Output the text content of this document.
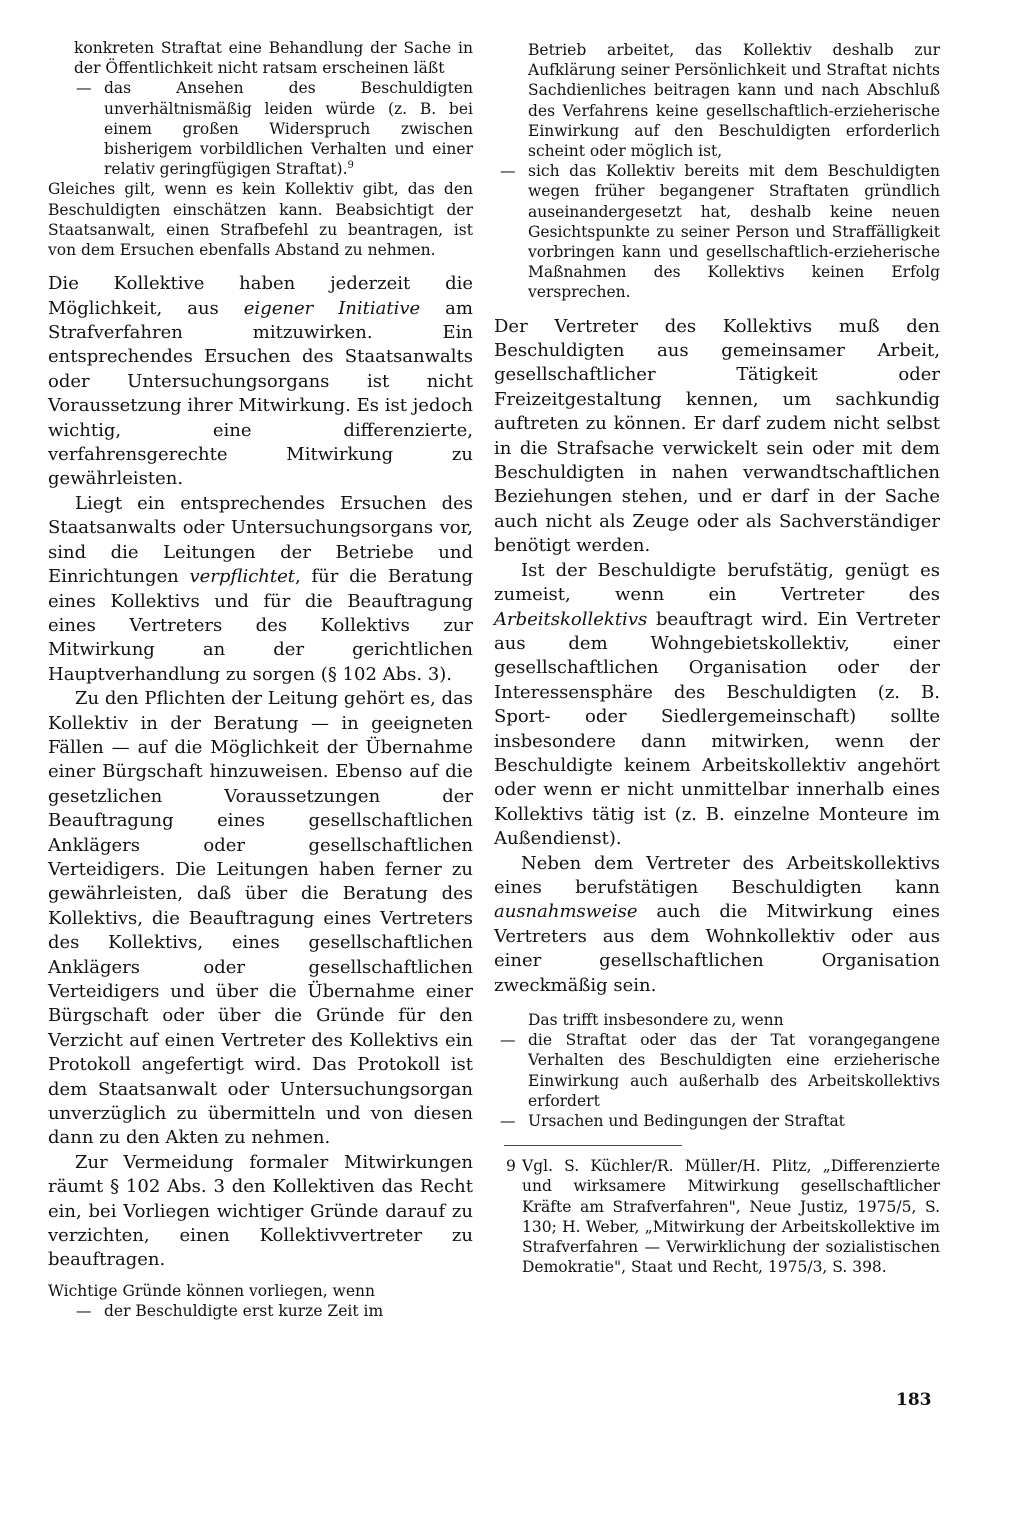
konkreten Straftat eine Behandlung der Sache in der Öffentlichkeit nicht ratsam erscheinen läßt

— das Ansehen des Beschuldigten unverhältnismäßig leiden würde (z. B. bei einem großen Widerspruch zwischen bisherigem vorbildlichen Verhalten und einer relativ geringfügigen Straftat).$^9$

Gleiches gilt, wenn es kein Kollektiv gibt, das den Beschuldigten einschätzen kann. Beabsichtigt der Staatsanwalt, einen Strafbefehl zu beantragen, ist von dem Ersuchen ebenfalls Abstand zu nehmen.

Die Kollektive haben jederzeit die Möglichkeit, aus eigener Initiative am Strafverfahren mitzuwirken. Ein entsprechendes Ersuchen des Staatsanwalts oder Untersuchungsorgans ist nicht Voraussetzung ihrer Mitwirkung. Es ist jedoch wichtig, eine differenzierte, verfahrensgerechte Mitwirkung zu gewährleisten.

Liegt ein entsprechendes Ersuchen des Staatsanwalts oder Untersuchungsorgans vor, sind die Leitungen der Betriebe und Einrichtungen verpflichtet, für die Beratung eines Kollektivs und für die Beauftragung eines Vertreters des Kollektivs zur Mitwirkung an der gerichtlichen Hauptverhandlung zu sorgen (§ 102 Abs. 3).

Zu den Pflichten der Leitung gehört es, das Kollektiv in der Beratung — in geeigneten Fällen — auf die Möglichkeit der Übernahme einer Bürgschaft hinzuweisen. Ebenso auf die gesetzlichen Voraussetzungen der Beauftragung eines gesellschaftlichen Anklägers oder gesellschaftlichen Verteidigers. Die Leitungen haben ferner zu gewährleisten, daß über die Beratung des Kollektivs, die Beauftragung eines Vertreters des Kollektivs, eines gesellschaftlichen Anklägers oder gesellschaftlichen Verteidigers und über die Übernahme einer Bürgschaft oder über die Gründe für den Verzicht auf einen Vertreter des Kollektivs ein Protokoll angefertigt wird. Das Protokoll ist dem Staatsanwalt oder Untersuchungsorgan unverzüglich zu übermitteln und von diesen dann zu den Akten zu nehmen.

Zur Vermeidung formaler Mitwirkungen räumt § 102 Abs. 3 den Kollektiven das Recht ein, bei Vorliegen wichtiger Gründe darauf zu verzichten, einen Kollektivvertreter zu beauftragen.

Wichtige Gründe können vorliegen, wenn

— der Beschuldigte erst kurze Zeit im

Betrieb arbeitet, das Kollektiv deshalb zur Aufklärung seiner Persönlichkeit und Straftat nichts Sachdienliches beitragen kann und nach Abschluß des Verfahrens keine gesellschaftlich-erzieherische Einwirkung auf den Beschuldigten erforderlich scheint oder möglich ist,

— sich das Kollektiv bereits mit dem Beschuldigten wegen früher begangener Straftaten gründlich auseinandergesetzt hat, deshalb keine neuen Gesichtspunkte zu seiner Person und Straffälligkeit vorbringen kann und gesellschaftlich-erzieherische Maßnahmen des Kollektivs keinen Erfolg versprechen.

Der Vertreter des Kollektivs muß den Beschuldigten aus gemeinsamer Arbeit, gesellschaftlicher Tätigkeit oder Freizeitgestaltung kennen, um sachkundig auftreten zu können. Er darf zudem nicht selbst in die Strafsache verwickelt sein oder mit dem Beschuldigten in nahen verwandtschaftlichen Beziehungen stehen, und er darf in der Sache auch nicht als Zeuge oder als Sachverständiger benötigt werden.

Ist der Beschuldigte berufstätig, genügt es zumeist, wenn ein Vertreter des Arbeitskollektivs beauftragt wird. Ein Vertreter aus dem Wohngebietskollektiv, einer gesellschaftlichen Organisation oder der Interessensphäre des Beschuldigten (z. B. Sport- oder Siedlergemeinschaft) sollte insbesondere dann mitwirken, wenn der Beschuldigte keinem Arbeitskollektiv angehört oder wenn er nicht unmittelbar innerhalb eines Kollektivs tätig ist (z. B. einzelne Monteure im Außendienst).

Neben dem Vertreter des Arbeitskollektivs eines berufstätigen Beschuldigten kann ausnahmsweise auch die Mitwirkung eines Vertreters aus dem Wohnkollektiv oder aus einer gesellschaftlichen Organisation zweckmäßig sein.

Das trifft insbesondere zu, wenn

— die Straftat oder das der Tat vorangegangene Verhalten des Beschuldigten eine erzieherische Einwirkung auch außerhalb des Arbeitskollektivs erfordert

— Ursachen und Bedingungen der Straftat

9 Vgl. S. Küchler/R. Müller/H. Plitz, „Differenzierte und wirksamere Mitwirkung gesellschaftlicher Kräfte am Strafverfahren", Neue Justiz, 1975/5, S. 130; H. Weber, „Mitwirkung der Arbeitskollektive im Strafverfahren — Verwirklichung der sozialistischen Demokratie", Staat und Recht, 1975/3, S. 398.

183
